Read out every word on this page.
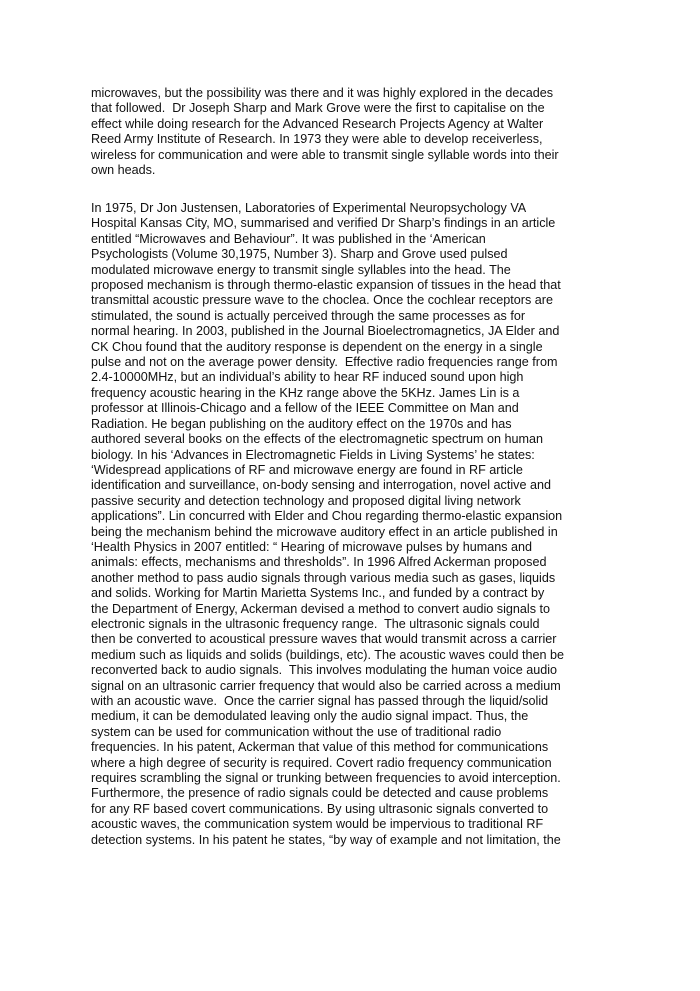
microwaves, but the possibility was there and it was highly explored in the decades
that followed.  Dr Joseph Sharp and Mark Grove were the first to capitalise on the
effect while doing research for the Advanced Research Projects Agency at Walter
Reed Army Institute of Research. In 1973 they were able to develop receiverless,
wireless for communication and were able to transmit single syllable words into their
own heads.
In 1975, Dr Jon Justensen, Laboratories of Experimental Neuropsychology VA
Hospital Kansas City, MO, summarised and verified Dr Sharp’s findings in an article
entitled “Microwaves and Behaviour”. It was published in the ‘American
Psychologists (Volume 30,1975, Number 3). Sharp and Grove used pulsed
modulated microwave energy to transmit single syllables into the head. The
proposed mechanism is through thermo-elastic expansion of tissues in the head that
transmittal acoustic pressure wave to the choclea. Once the cochlear receptors are
stimulated, the sound is actually perceived through the same processes as for
normal hearing. In 2003, published in the Journal Bioelectromagnetics, JA Elder and
CK Chou found that the auditory response is dependent on the energy in a single
pulse and not on the average power density.  Effective radio frequencies range from
2.4-10000MHz, but an individual’s ability to hear RF induced sound upon high
frequency acoustic hearing in the KHz range above the 5KHz. James Lin is a
professor at Illinois-Chicago and a fellow of the IEEE Committee on Man and
Radiation. He began publishing on the auditory effect on the 1970s and has
authored several books on the effects of the electromagnetic spectrum on human
biology. In his ‘Advances in Electromagnetic Fields in Living Systems’ he states:
‘Widespread applications of RF and microwave energy are found in RF article
identification and surveillance, on-body sensing and interrogation, novel active and
passive security and detection technology and proposed digital living network
applications”. Lin concurred with Elder and Chou regarding thermo-elastic expansion
being the mechanism behind the microwave auditory effect in an article published in
‘Health Physics in 2007 entitled: “ Hearing of microwave pulses by humans and
animals: effects, mechanisms and thresholds”. In 1996 Alfred Ackerman proposed
another method to pass audio signals through various media such as gases, liquids
and solids. Working for Martin Marietta Systems Inc., and funded by a contract by
the Department of Energy, Ackerman devised a method to convert audio signals to
electronic signals in the ultrasonic frequency range.  The ultrasonic signals could
then be converted to acoustical pressure waves that would transmit across a carrier
medium such as liquids and solids (buildings, etc). The acoustic waves could then be
reconverted back to audio signals.  This involves modulating the human voice audio
signal on an ultrasonic carrier frequency that would also be carried across a medium
with an acoustic wave.  Once the carrier signal has passed through the liquid/solid
medium, it can be demodulated leaving only the audio signal impact. Thus, the
system can be used for communication without the use of traditional radio
frequencies. In his patent, Ackerman that value of this method for communications
where a high degree of security is required. Covert radio frequency communication
requires scrambling the signal or trunking between frequencies to avoid interception.
Furthermore, the presence of radio signals could be detected and cause problems
for any RF based covert communications. By using ultrasonic signals converted to
acoustic waves, the communication system would be impervious to traditional RF
detection systems. In his patent he states, “by way of example and not limitation, the
